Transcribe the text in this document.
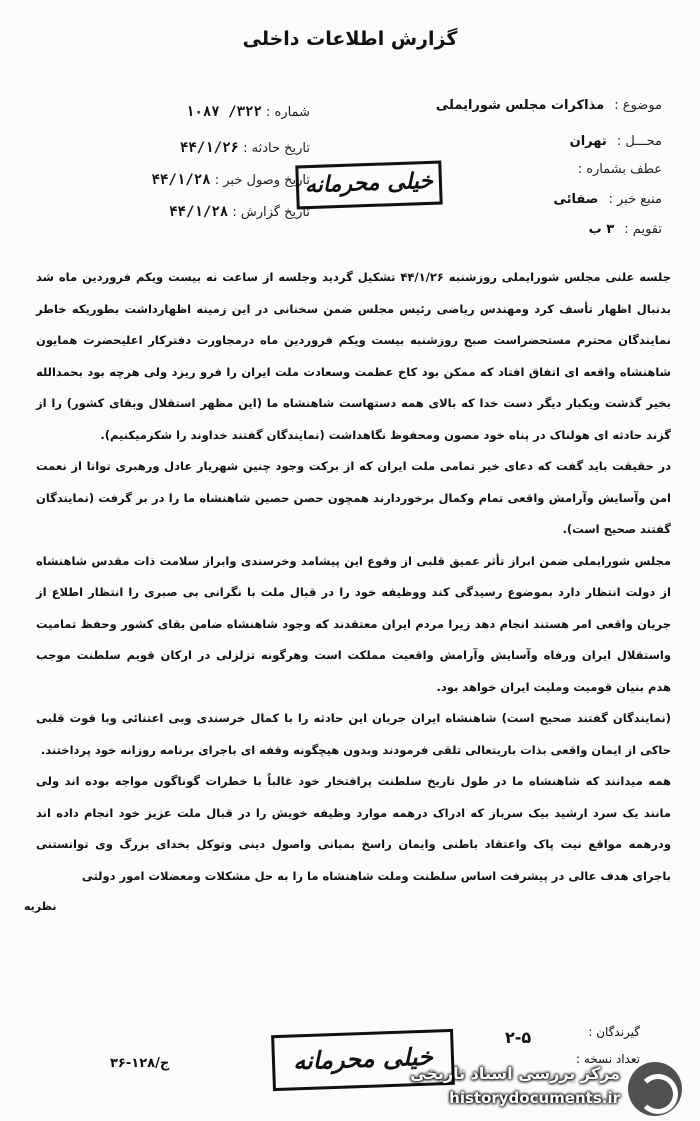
گزارش اطلاعات داخلی
موضوع : مذاکرات مجلس شورایملی
محـــل : تهران
عطف بشماره :
منبع خبر : صفائی
تقویم : ۳ ب
شماره : ۳۲۲/ ۱۰۸۷
تاریخ حادثه : ۴۴/۱/۲۶
تاریخ وصول خبر : ۴۴/۱/۲۸
تاریخ گزارش : ۴۴/۱/۲۸
خیلی محرمانه

جلسه علنی مجلس شورایملی روزشنبه ۴۴/۱/۲۶ تشکیل گردید وجلسه از ساعت نه بیست ویکم فروردین ماه شد بدنبال اظهار تأسف کرد ومهندس ریاضی رئیس مجلس ضمن سخنانی در این زمینه اظهارداشت بطوریکه خاطر نمایندگان محترم مستحضراست صبح روزشنبه بیست ویکم فروردین ماه درمجاورت دفترکار اعلیحضرت همایون شاهنشاه واقعه ای اتفاق افتاد که ممکن بود کاخ عظمت وسعادت ملت ایران را فرو ریزد ولی هرچه بود بحمدالله بخیر گذشت ویکبار دیگر دست خدا که بالای همه دستهاست شاهنشاه ما (این مظهر استقلال وبقای کشور) را از گزند حادثه ای هولناک در پناه خود مصون ومحفوظ نگاهداشت (نمایندگان گفتند خداوند را شکرمیکنیم).

در حقیقت باید گفت که دعای خیر تمامی ملت ایران که از برکت وجود چنین شهریار عادل ورهبری توانا از نعمت امن وآسایش وآرامش واقعی تمام وکمال برخوردارند همچون حصن حصین شاهنشاه ما را در بر گرفت (نمایندگان گفتند صحیح است).

مجلس شورایملی ضمن ابراز تأثر عمیق قلبی از وقوع این پیشامد وخرسندی وابراز سلامت ذات مقدس شاهنشاه از دولت انتظار دارد بموضوع رسیدگی کند ووظیفه خود را در قبال ملت با نگرانی بی صبری را انتظار اطلاع از جریان واقعی امر هستند انجام دهد زیرا مردم ایران معتقدند که وجود شاهنشاه ضامن بقای کشور وحفظ تمامیت واستقلال ایران ورفاه وآسایش وآرامش واقعیت مملکت است وهرگونه تزلزلی در ارکان قویم سلطنت موجب هدم بنیان قومیت وملیت ایران خواهد بود.

(نمایندگان گفتند صحیح است) شاهنشاه ایران جریان این حادثه را با کمال خرسندی وبی اعتنائی وبا قوت قلبی حاکی از ایمان واقعی بذات باریتعالی تلقی فرمودند وبدون هیچگونه وقفه ای باجرای برنامه روزانه خود پرداختند.

همه میدانند که شاهنشاه ما در طول تاریخ سلطنت پرافتخار خود غالباً با خطرات گوناگون مواجه بوده اند ولی مانند یک سرد ارشید بیک سرباز که ادراک درهمه موارد وظیفه خویش را در قبال ملت عزیز خود انجام داده اند ودرهمه مواقع نیت پاک واعتقاد باطنی وایمان راسخ بمبانی واصول دینی وتوکل بخدای بزرگ وی توانستنی باجرای هدف عالی در پیشرفت اساس سلطنت وملت شاهنشاه ما را به حل مشکلات ومعضلات امور دولتی

نظریه
گیرندگان :
تعداد نسخه :
۲-۵
۳۶-۱۲۸/ج	خیلی محرمانه
مرکز بررسی اسناد تاریخی
historydocuments.ir
